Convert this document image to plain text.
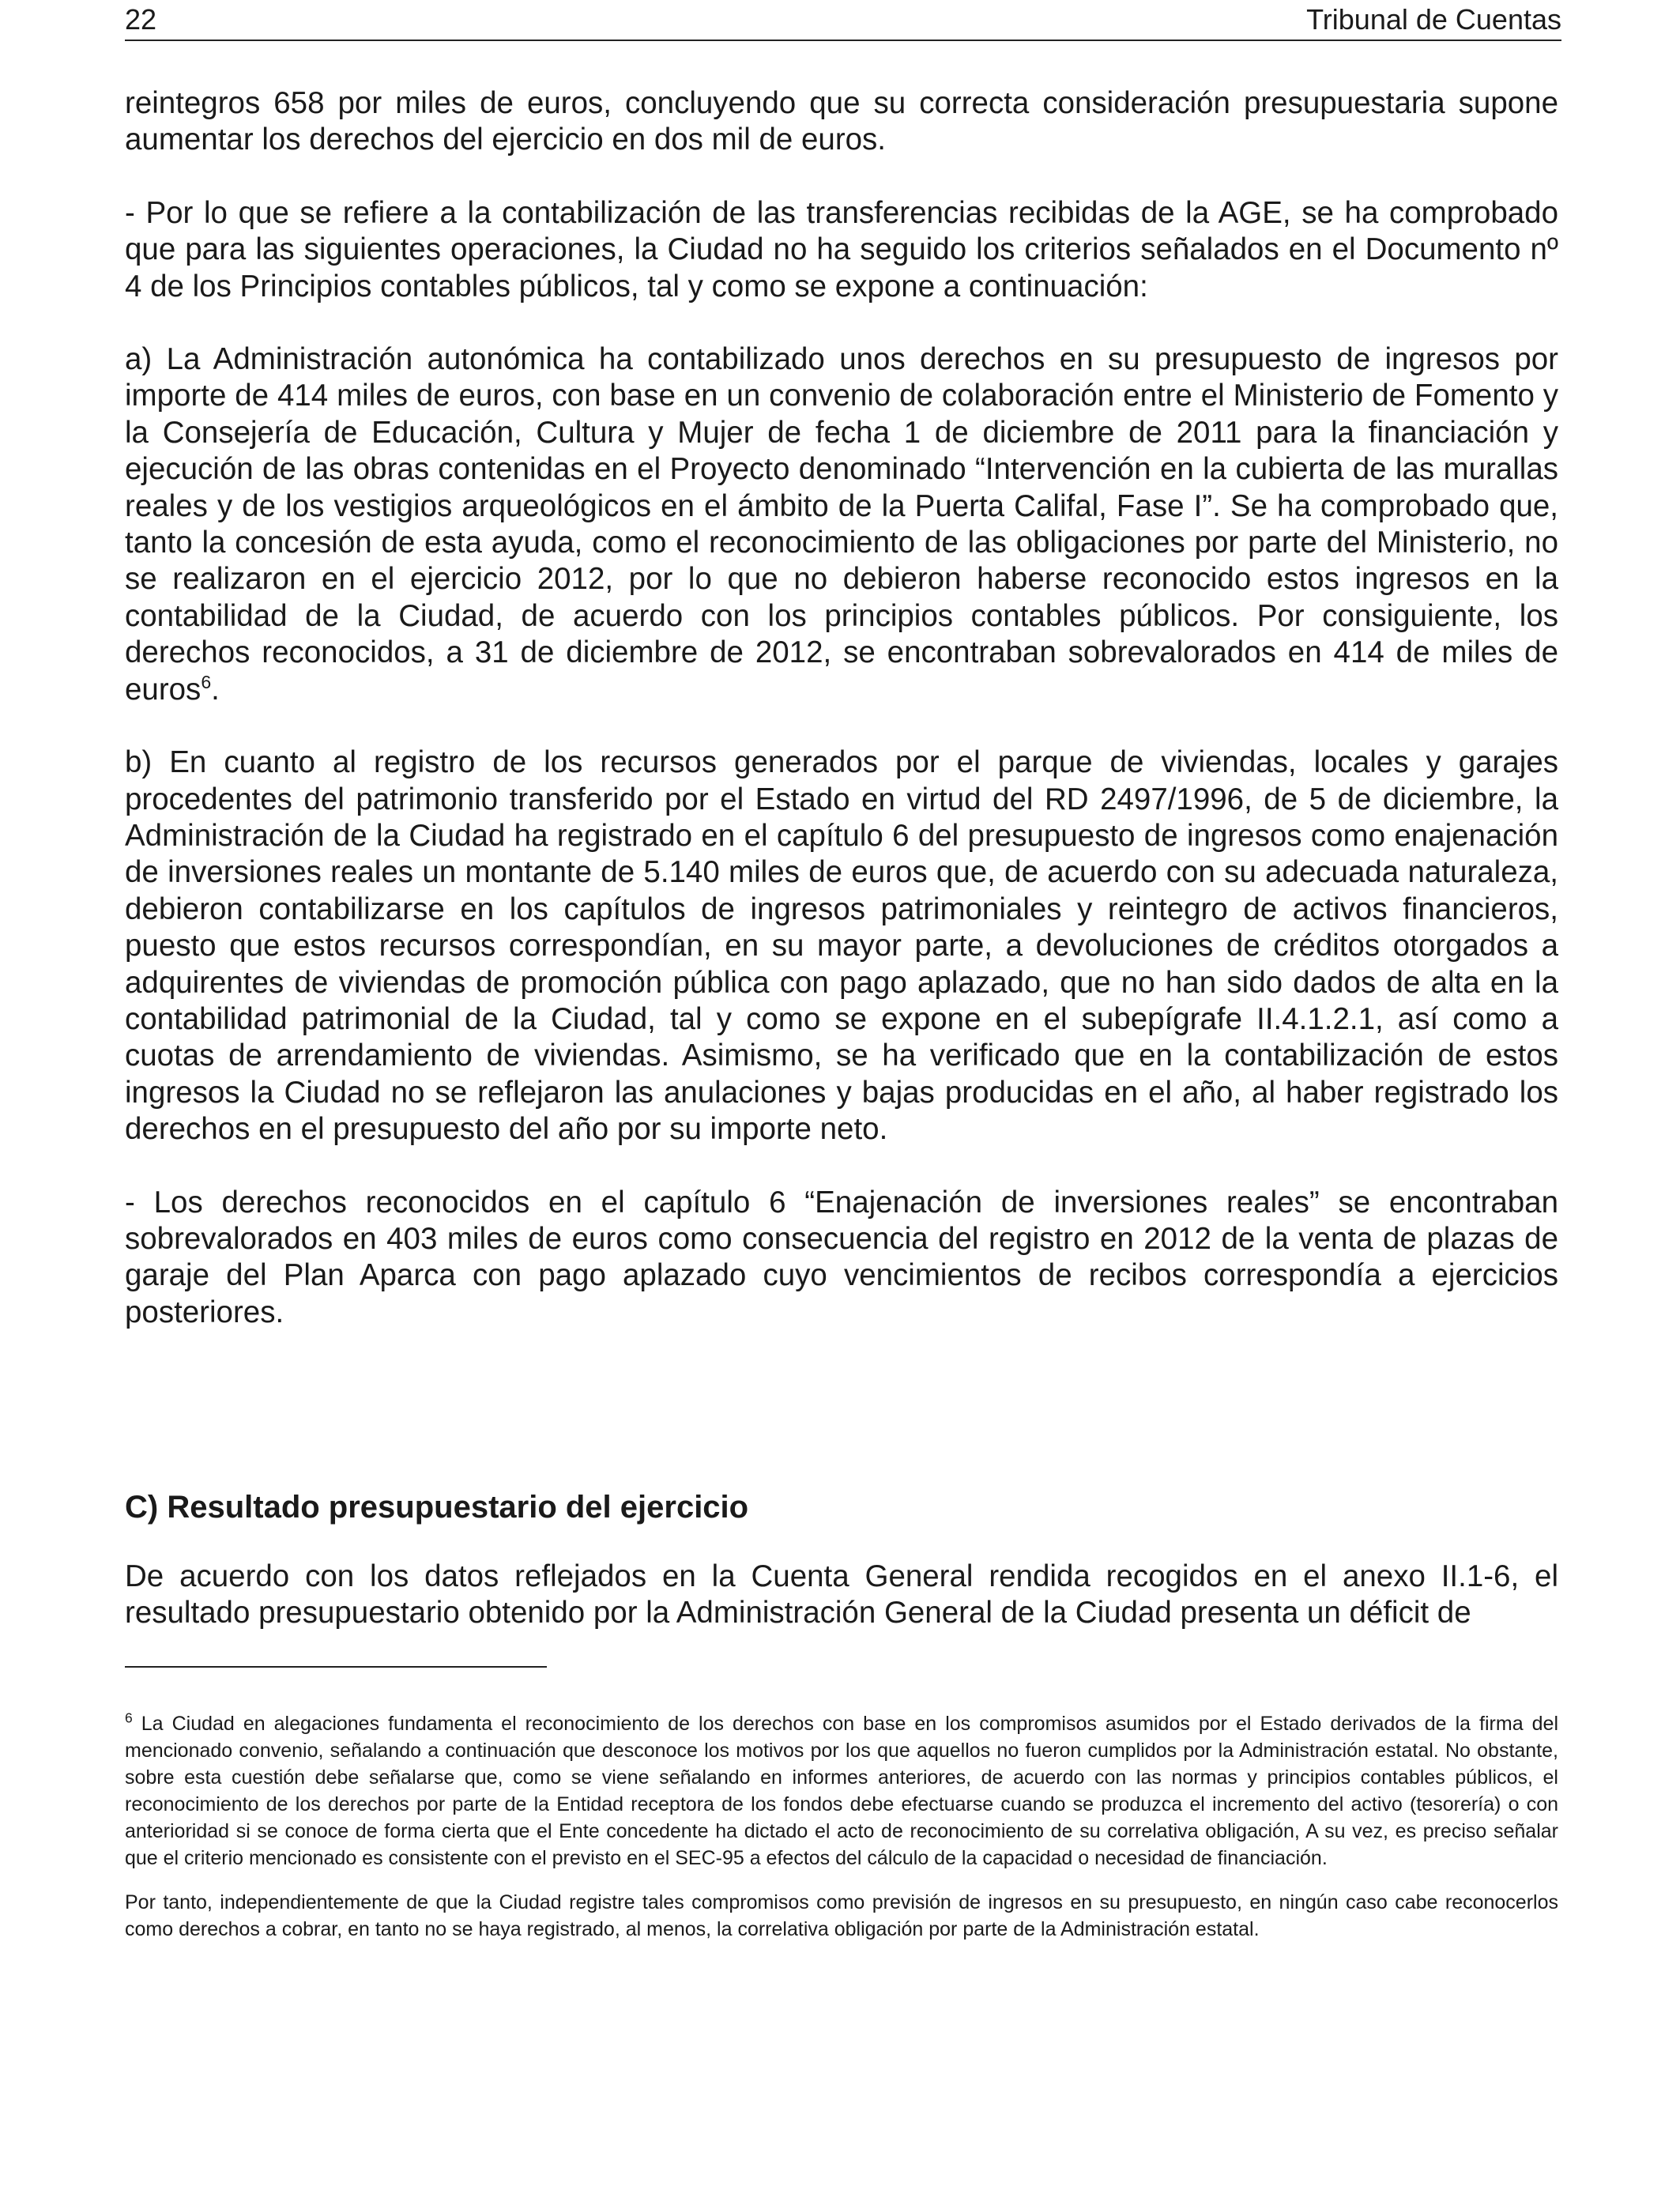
22	Tribunal de Cuentas

reintegros 658 por miles de euros, concluyendo que su correcta consideración presupuestaria supone aumentar los derechos del ejercicio en dos mil de euros.

- Por lo que se refiere a la contabilización de las transferencias recibidas de la AGE, se ha comprobado que para las siguientes operaciones, la Ciudad no ha seguido los criterios señalados en el Documento nº 4 de los Principios contables públicos, tal y como se expone a continuación:

a) La Administración autonómica ha contabilizado unos derechos en su presupuesto de ingresos por importe de 414 miles de euros, con base en un convenio de colaboración entre el Ministerio de Fomento y la Consejería de Educación, Cultura y Mujer de fecha 1 de diciembre de 2011 para la financiación y ejecución de las obras contenidas en el Proyecto denominado “Intervención en la cubierta de las murallas reales y de los vestigios arqueológicos en el ámbito de la Puerta Califal, Fase I”. Se ha comprobado que, tanto la concesión de esta ayuda, como el reconocimiento de las obligaciones por parte del Ministerio, no se realizaron en el ejercicio 2012, por lo que no debieron haberse reconocido estos ingresos en la contabilidad de la Ciudad, de acuerdo con los principios contables públicos. Por consiguiente, los derechos reconocidos, a 31 de diciembre de 2012, se encontraban sobrevalorados en 414 de miles de euros$^6$.

b) En cuanto al registro de los recursos generados por el parque de viviendas, locales y garajes procedentes del patrimonio transferido por el Estado en virtud del RD 2497/1996, de 5 de diciembre, la Administración de la Ciudad ha registrado en el capítulo 6 del presupuesto de ingresos como enajenación de inversiones reales un montante de 5.140 miles de euros que, de acuerdo con su adecuada naturaleza, debieron contabilizarse en los capítulos de ingresos patrimoniales y reintegro de activos financieros, puesto que estos recursos correspondían, en su mayor parte, a devoluciones de créditos otorgados a adquirentes de viviendas de promoción pública con pago aplazado, que no han sido dados de alta en la contabilidad patrimonial de la Ciudad, tal y como se expone en el subepígrafe II.4.1.2.1, así como a cuotas de arrendamiento de viviendas. Asimismo, se ha verificado que en la contabilización de estos ingresos la Ciudad no se reflejaron las anulaciones y bajas producidas en el año, al haber registrado los derechos en el presupuesto del año por su importe neto.

- Los derechos reconocidos en el capítulo 6 “Enajenación de inversiones reales” se encontraban sobrevalorados en 403 miles de euros como consecuencia del registro en 2012 de la venta de plazas de garaje del Plan Aparca con pago aplazado cuyo vencimientos de recibos correspondía a ejercicios posteriores.

C) Resultado presupuestario del ejercicio

De acuerdo con los datos reflejados en la Cuenta General rendida recogidos en el anexo II.1-6, el resultado presupuestario obtenido por la Administración General de la Ciudad presenta un déficit de

$^6$ La Ciudad en alegaciones fundamenta el reconocimiento de los derechos con base en los compromisos asumidos por el Estado derivados de la firma del mencionado convenio, señalando a continuación que desconoce los motivos por los que aquellos no fueron cumplidos por la Administración estatal. No obstante, sobre esta cuestión debe señalarse que, como se viene señalando en informes anteriores, de acuerdo con las normas y principios contables públicos, el reconocimiento de los derechos por parte de la Entidad receptora de los fondos debe efectuarse cuando se produzca el incremento del activo (tesorería) o con anterioridad si se conoce de forma cierta que el Ente concedente ha dictado el acto de reconocimiento de su correlativa obligación, A su vez, es preciso señalar que el criterio mencionado es consistente con el previsto en el SEC-95 a efectos del cálculo de la capacidad o necesidad de financiación.

Por tanto, independientemente de que la Ciudad registre tales compromisos como previsión de ingresos en su presupuesto, en ningún caso cabe reconocerlos como derechos a cobrar, en tanto no se haya registrado, al menos, la correlativa obligación por parte de la Administración estatal.
